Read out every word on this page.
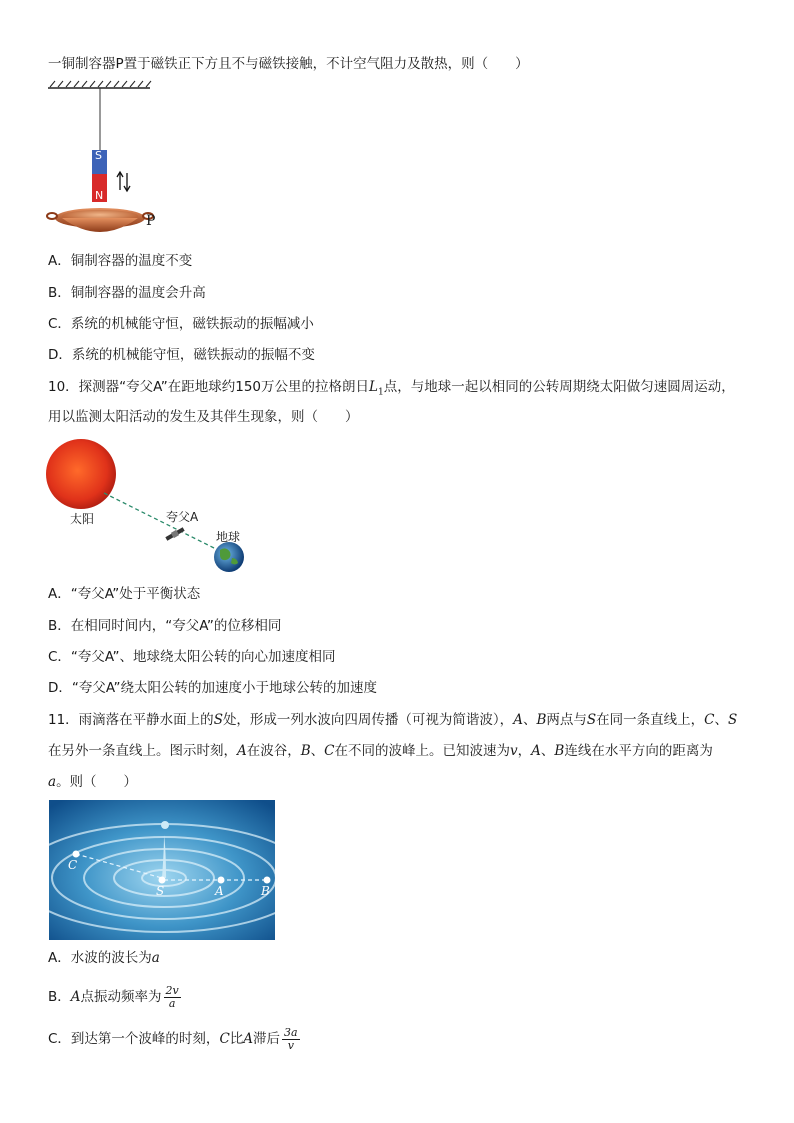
一铜制容器P置于磁铁正下方且不与磁铁接触，不计空气阻力及散热，则（　　）
S
N
P
A．铜制容器的温度不变
B．铜制容器的温度会升高
C．系统的机械能守恒，磁铁振动的振幅减小
D．系统的机械能守恒，磁铁振动的振幅不变
10．探测器“夸父A”在距地球约150万公里的拉格朗日$L_1$点，与地球一起以相同的公转周期绕太阳做匀速圆周运动，
用以监测太阳活动的发生及其伴生现象，则（　　）
太阳	夸父A
地球
A．“夸父A”处于平衡状态
B．在相同时间内，“夸父A”的位移相同
C．“夸父A”、地球绕太阳公转的向心加速度相同
D．“夸父A”绕太阳公转的加速度小于地球公转的加速度
11．雨滴落在平静水面上的S处，形成一列水波向四周传播（可视为简谐波），A、B两点与S在同一条直线上，C、S
在另外一条直线上。图示时刻，A在波谷，B、C在不同的波峰上。已知波速为v，A、B连线在水平方向的距离为
a。则（　　）
C
S	A	B
A．水波的波长为a
B．A点振动频率为 $\frac{2v}{a}$
C．到达第一个波峰的时刻，C比A滞后 $\frac{3a}{v}$
